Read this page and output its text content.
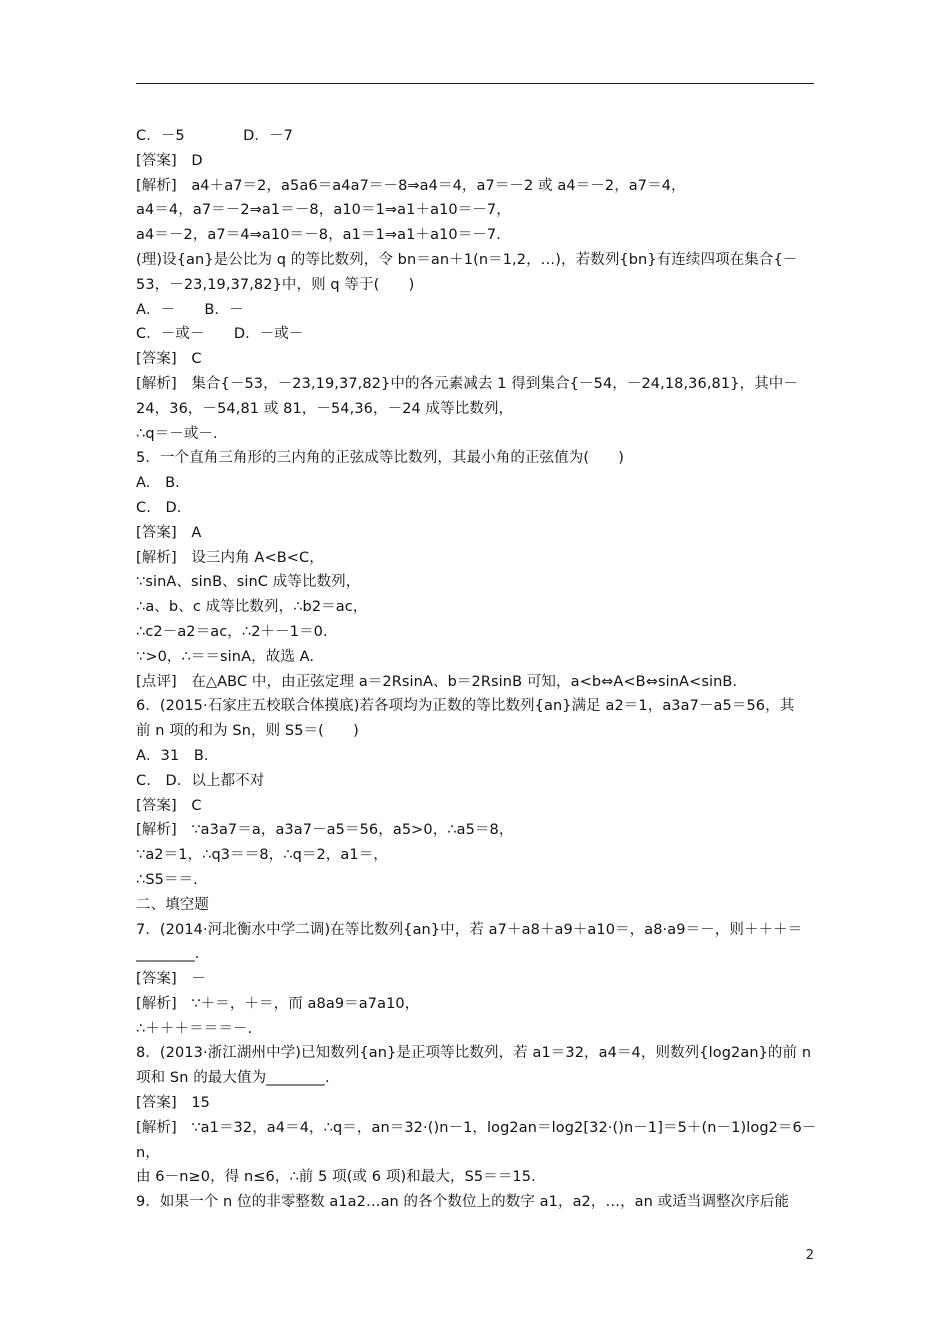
C．－5　　　　D．－7
[答案]　D
[解析]　a4＋a7＝2，a5a6＝a4a7＝－8⇒a4＝4，a7＝－2 或 a4＝－2，a7＝4，
a4＝4，a7＝－2⇒a1＝－8，a10＝1⇒a1＋a10＝－7，
a4＝－2，a7＝4⇒a10＝－8，a1＝1⇒a1＋a10＝－7.
(理)设{an}是公比为 q 的等比数列，令 bn＝an＋1(n＝1,2，…)，若数列{bn}有连续四项在集合{－
53，－23,19,37,82}中，则 q 等于(　　)
A．－　　B．－
C．－或－　　D．－或－
[答案]　C
[解析]　集合{－53，－23,19,37,82}中的各元素减去 1 得到集合{－54，－24,18,36,81}，其中－
24，36，－54,81 或 81，－54,36，－24 成等比数列，
∴q＝－或－.
5．一个直角三角形的三内角的正弦成等比数列，其最小角的正弦值为(　　)
A.　B.
C.　D.
[答案]　A
[解析]　设三内角 A<B<C，
∵sinA、sinB、sinC 成等比数列，
∴a、b、c 成等比数列，∴b2＝ac，
∴c2－a2＝ac，∴2＋－1＝0.
∵>0，∴＝＝sinA，故选 A.
[点评]　在△ABC 中，由正弦定理 a＝2RsinA、b＝2RsinB 可知，a<b⇔A<B⇔sinA<sinB.
6．(2015·石家庄五校联合体摸底)若各项均为正数的等比数列{an}满足 a2＝1，a3a7－a5＝56，其
前 n 项的和为 Sn，则 S5＝(　　)
A．31　B.
C.　D．以上都不对
[答案]　C
[解析]　∵a3a7＝a，a3a7－a5＝56，a5>0，∴a5＝8，
∵a2＝1，∴q3＝＝8，∴q＝2，a1＝，
∴S5＝＝.
二、填空题
7．(2014·河北衡水中学二调)在等比数列{an}中，若 a7＋a8＋a9＋a10＝，a8·a9＝－，则＋＋＋＝
________.
[答案]　－
[解析]　∵＋＝，＋＝，而 a8a9＝a7a10，
∴＋＋＋＝＝＝－.
8．(2013·浙江湖州中学)已知数列{an}是正项等比数列，若 a1＝32，a4＝4，则数列{log2an}的前 n
项和 Sn 的最大值为________.
[答案]　15
[解析]　∵a1＝32，a4＝4，∴q＝，an＝32·()n－1，log2an＝log2[32·()n－1]＝5＋(n－1)log2＝6－
n，
由 6－n≥0，得 n≤6，∴前 5 项(或 6 项)和最大，S5＝＝15.
9．如果一个 n 位的非零整数 a1a2…an 的各个数位上的数字 a1，a2，…，an 或适当调整次序后能
2
